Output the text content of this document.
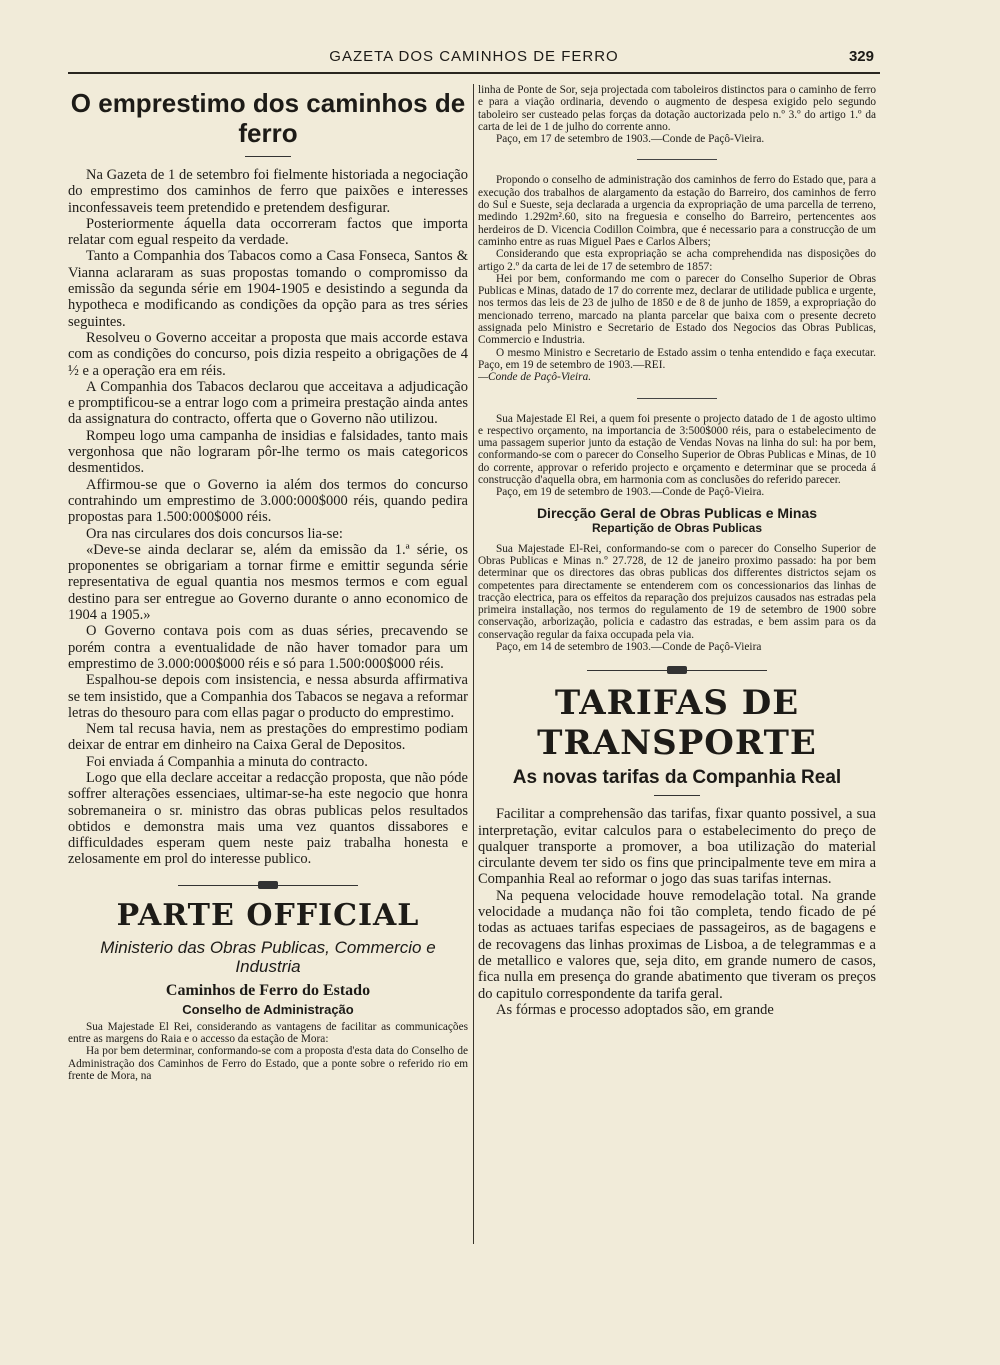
GAZETA DOS CAMINHOS DE FERRO	329
O emprestimo dos caminhos de ferro

Na Gazeta de 1 de setembro foi fielmente historiada a negociação do emprestimo dos caminhos de ferro que paixões e interesses inconfessaveis teem pretendido e pretendem desfigurar.

Posteriormente áquella data occorreram factos que importa relatar com egual respeito da verdade.

Tanto a Companhia dos Tabacos como a Casa Fonseca, Santos & Vianna aclararam as suas propostas tomando o compromisso da emissão da segunda série em 1904-1905 e desistindo a segunda da hypotheca e modificando as condições da opção para as tres séries seguintes.

Resolveu o Governo acceitar a proposta que mais accorde estava com as condições do concurso, pois dizia respeito a obrigações de 4 ½ e a operação era em réis.

A Companhia dos Tabacos declarou que acceitava a adjudicação e promptificou-se a entrar logo com a primeira prestação ainda antes da assignatura do contracto, offerta que o Governo não utilizou.

Rompeu logo uma campanha de insidias e falsidades, tanto mais vergonhosa que não lograram pôr-lhe termo os mais categoricos desmentidos.

Affirmou-se que o Governo ia além dos termos do concurso contrahindo um emprestimo de 3.000:000$000 réis, quando pedira propostas para 1.500:000$000 réis.

Ora nas circulares dos dois concursos lia-se:

«Deve-se ainda declarar se, além da emissão da 1.ª série, os proponentes se obrigariam a tornar firme e emittir segunda série representativa de egual quantia nos mesmos termos e com egual destino para ser entregue ao Governo durante o anno economico de 1904 a 1905.»

O Governo contava pois com as duas séries, precavendo se porém contra a eventualidade de não haver tomador para um emprestimo de 3.000:000$000 réis e só para 1.500:000$000 réis.

Espalhou-se depois com insistencia, e nessa absurda affirmativa se tem insistido, que a Companhia dos Tabacos se negava a reformar letras do thesouro para com ellas pagar o producto do emprestimo.

Nem tal recusa havia, nem as prestações do emprestimo podiam deixar de entrar em dinheiro na Caixa Geral de Depositos.

Foi enviada á Companhia a minuta do contracto.

Logo que ella declare acceitar a redacção proposta, que não póde soffrer alterações essenciaes, ultimar-se-ha este negocio que honra sobremaneira o sr. ministro das obras publicas pelos resultados obtidos e demonstra mais uma vez quantos dissabores e difficuldades esperam quem neste paiz trabalha honesta e zelosamente em prol do interesse publico.

PARTE OFFICIAL
Ministerio das Obras Publicas, Commercio e Industria
Caminhos de Ferro do Estado
Conselho de Administração

Sua Majestade El Rei, considerando as vantagens de facilitar as communicações entre as margens do Raia e o accesso da estação de Mora:

Ha por bem determinar, conformando-se com a proposta d'esta data do Conselho de Administração dos Caminhos de Ferro do Estado, que a ponte sobre o referido rio em frente de Mora, na

linha de Ponte de Sor, seja projectada com taboleiros distinctos para o caminho de ferro e para a viação ordinaria, devendo o augmento de despesa exigido pelo segundo taboleiro ser custeado pelas forças da dotação auctorizada pelo n.º 3.º do artigo 1.º da carta de lei de 1 de julho do corrente anno.

Paço, em 17 de setembro de 1903.—Conde de Paçô-Vieira.

Propondo o conselho de administração dos caminhos de ferro do Estado que, para a execução dos trabalhos de alargamento da estação do Barreiro, dos caminhos de ferro do Sul e Sueste, seja declarada a urgencia da expropriação de uma parcella de terreno, medindo 1.292m².60, sito na freguesia e conselho do Barreiro, pertencentes aos herdeiros de D. Vicencia Codillon Coimbra, que é necessario para a construcção de um caminho entre as ruas Miguel Paes e Carlos Albers;

Considerando que esta expropriação se acha comprehendida nas disposições do artigo 2.º da carta de lei de 17 de setembro de 1857:

Hei por bem, conformando me com o parecer do Conselho Superior de Obras Publicas e Minas, datado de 17 do corrente mez, declarar de utilidade publica e urgente, nos termos das leis de 23 de julho de 1850 e de 8 de junho de 1859, a expropriação do mencionado terreno, marcado na planta parcelar que baixa com o presente decreto assignada pelo Ministro e Secretario de Estado dos Negocios das Obras Publicas, Commercio e Industria.

O mesmo Ministro e Secretario de Estado assim o tenha entendido e faça executar. Paço, em 19 de setembro de 1903.—REI.

—Conde de Paçô-Vieira.

Sua Majestade El Rei, a quem foi presente o projecto datado de 1 de agosto ultimo e respectivo orçamento, na importancia de 3:500$000 réis, para o estabelecimento de uma passagem superior junto da estação de Vendas Novas na linha do sul: ha por bem, conformando-se com o parecer do Conselho Superior de Obras Publicas e Minas, de 10 do corrente, approvar o referido projecto e orçamento e determinar que se proceda á construcção d'aquella obra, em harmonia com as conclusões do referido parecer.

Paço, em 19 de setembro de 1903.—Conde de Paçô-Vieira.

Direcção Geral de Obras Publicas e Minas
Repartição de Obras Publicas

Sua Majestade El-Rei, conformando-se com o parecer do Conselho Superior de Obras Publicas e Minas n.º 27.728, de 12 de janeiro proximo passado: ha por bem determinar que os directores das obras publicas dos differentes districtos sejam os competentes para directamente se entenderem com os concessionarios das linhas de tracção electrica, para os effeitos da reparação dos prejuizos causados nas estradas pela primeira installação, nos termos do regulamento de 19 de setembro de 1900 sobre conservação, arborização, policia e cadastro das estradas, e bem assim para os da conservação regular da faixa occupada pela via.

Paço, em 14 de setembro de 1903.—Conde de Paçô-Vieira

TARIFAS DE TRANSPORTE
As novas tarifas da Companhia Real

Facilitar a comprehensão das tarifas, fixar quanto possivel, a sua interpretação, evitar calculos para o estabelecimento do preço de qualquer transporte a promover, a boa utilização do material circulante devem ter sido os fins que principalmente teve em mira a Companhia Real ao reformar o jogo das suas tarifas internas.

Na pequena velocidade houve remodelação total. Na grande velocidade a mudança não foi tão completa, tendo ficado de pé todas as actuaes tarifas especiaes de passageiros, as de bagagens e de recovagens das linhas proximas de Lisboa, a de telegrammas e a de metallico e valores que, seja dito, em grande numero de casos, fica nulla em presença do grande abatimento que tiveram os preços do capitulo correspondente da tarifa geral.

As fórmas e processo adoptados são, em grande
